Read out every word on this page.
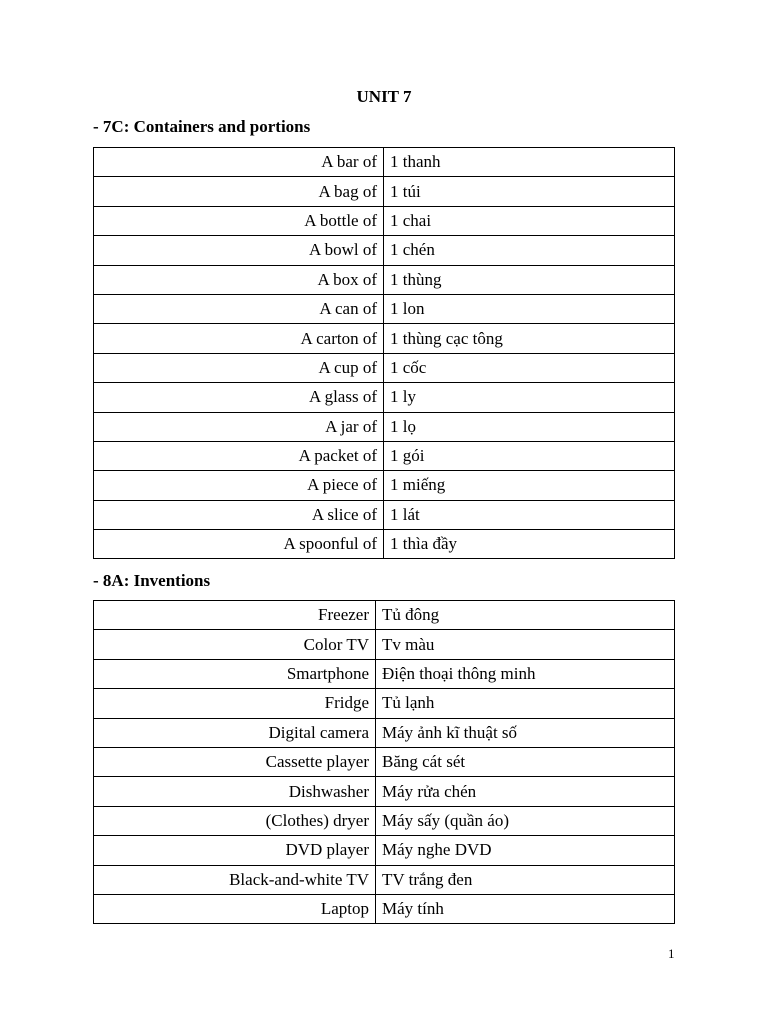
UNIT 7
- 7C: Containers and portions
A bar of	1 thanh
A bag of	1 túi
A bottle of	1 chai
A bowl of	1 chén
A box of	1 thùng
A can of	1 lon
A carton of	1 thùng cạc tông
A cup of	1 cốc
A glass of	1 ly
A jar of	1 lọ
A packet of	1 gói
A piece of	1 miếng
A slice of	1 lát
A spoonful of	1 thìa đầy
- 8A: Inventions
Freezer	Tủ đông
Color TV	Tv màu
Smartphone	Điện thoại thông minh
Fridge	Tủ lạnh
Digital camera	Máy ảnh kĩ thuật số
Cassette player	Băng cát sét
Dishwasher	Máy rửa chén
(Clothes) dryer	Máy sấy (quần áo)
DVD player	Máy nghe DVD
Black-and-white TV	TV trắng đen
Laptop	Máy tính
1
